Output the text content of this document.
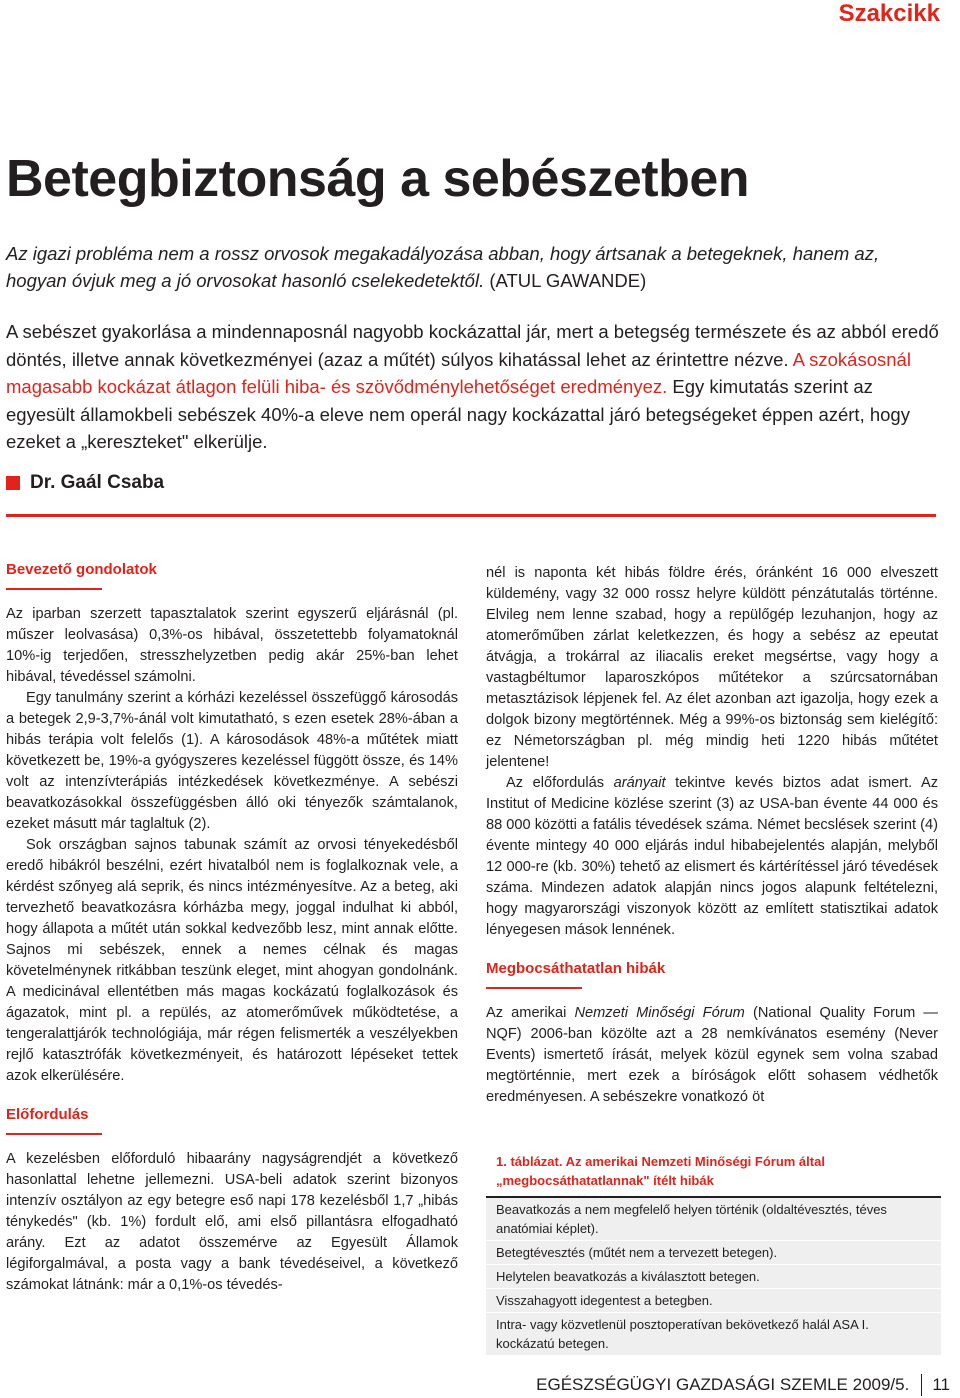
Szakcikk
Betegbiztonság a sebészetben
Az igazi probléma nem a rossz orvosok megakadályozása abban, hogy ártsanak a betegeknek, hanem az, hogyan óvjuk meg a jó orvosokat hasonló cselekedetektől. (ATUL GAWANDE)
A sebészet gyakorlása a mindennaposnál nagyobb kockázattal jár, mert a betegség természete és az abból eredő döntés, illetve annak következményei (azaz a műtét) súlyos kihatással lehet az érintettre nézve. A szokásosnál magasabb kockázat átlagon felüli hiba- és szövődménylehetőséget eredményez. Egy kimutatás szerint az egyesült államokbeli sebészek 40%-a eleve nem operál nagy kockázattal járó betegségeket éppen azért, hogy ezeket a „kereszteket" elkerülje.
Dr. Gaál Csaba
Bevezető gondolatok

Az iparban szerzett tapasztalatok szerint egyszerű eljárásnál (pl. műszer leolvasása) 0,3%-os hibával, összetettebb folyamatoknál 10%-ig terjedően, stresszhelyzetben pedig akár 25%-ban lehet hibával, tévedéssel számolni.

Egy tanulmány szerint a kórházi kezeléssel összefüggő károsodás a betegek 2,9-3,7%-ánál volt kimutatható, s ezen esetek 28%-ában a hibás terápia volt felelős (1). A károsodások 48%-a műtétek miatt következett be, 19%-a gyógyszeres kezeléssel függött össze, és 14% volt az intenzívterápiás intézkedések következménye. A sebészi beavatkozásokkal összefüggésben álló oki tényezők számtalanok, ezeket másutt már taglaltuk (2).

Sok országban sajnos tabunak számít az orvosi tényekedésből eredő hibákról beszélni, ezért hivatalból nem is foglalkoznak vele, a kérdést szőnyeg alá seprik, és nincs intézményesítve. Az a beteg, aki tervezhető beavatkozásra kórházba megy, joggal indulhat ki abból, hogy állapota a műtét után sokkal kedvezőbb lesz, mint annak előtte. Sajnos mi sebészek, ennek a nemes célnak és magas követelménynek ritkábban teszünk eleget, mint ahogyan gondolnánk. A medicinával ellentétben más magas kockázatú foglalkozások és ágazatok, mint pl. a repülés, az atomerőművek működtetése, a tengeralattjárók technológiája, már régen felismerték a veszélyekben rejlő katasztrófák következményeit, és határozott lépéseket tettek azok elkerülésére.

Előfordulás

A kezelésben előforduló hibaarány nagyságrendjét a következő hasonlattal lehetne jellemezni. USA-beli adatok szerint bizonyos intenzív osztályon az egy betegre eső napi 178 kezelésből 1,7 „hibás ténykedés" (kb. 1%) fordult elő, ami első pillantásra elfogadható arány. Ezt az adatot összemérve az Egyesült Államok légiforgalmával, a posta vagy a bank tévedéseivel, a következő számokat látnánk: már a 0,1%-os tévedés-

nél is naponta két hibás földre érés, óránként 16 000 elveszett küldemény, vagy 32 000 rossz helyre küldött pénzátutalás történne. Elvileg nem lenne szabad, hogy a repülőgép lezuhanjon, hogy az atomerőműben zárlat keletkezzen, és hogy a sebész az epeutat átvágja, a trokárral az iliacalis ereket megsértse, vagy hogy a vastagbéltumor laparoszkópos műtétekor a szúrcsatornában metasztázisok lépjenek fel. Az élet azonban azt igazolja, hogy ezek a dolgok bizony megtörténnek. Még a 99%-os biztonság sem kielégítő: ez Németországban pl. még mindig heti 1220 hibás műtétet jelentene!

Az előfordulás arányait tekintve kevés biztos adat ismert. Az Institut of Medicine közlése szerint (3) az USA-ban évente 44 000 és 88 000 közötti a fatális tévedések száma. Német becslések szerint (4) évente mintegy 40 000 eljárás indul hibabejelentés alapján, melyből 12 000-re (kb. 30%) tehető az elismert és kártérítéssel járó tévedések száma. Mindezen adatok alapján nincs jogos alapunk feltételezni, hogy magyarországi viszonyok között az említett statisztikai adatok lényegesen mások lennének.

Megbocsáthatatlan hibák

Az amerikai Nemzeti Minőségi Fórum (National Quality Forum — NQF) 2006-ban közölte azt a 28 nemkívánatos esemény (Never Events) ismertető írását, melyek közül egynek sem volna szabad megtörténnie, mert ezek a bíróságok előtt sohasem védhetők eredményesen. A sebészekre vonatkozó öt

1. táblázat. Az amerikai Nemzeti Minőségi Fórum által
„megbocsáthatatlannak" ítélt hibák
Beavatkozás a nem megfelelő helyen történik (oldaltévesztés, téves anatómiai képlet).
Betegtévesztés (műtét nem a tervezett betegen).
Helytelen beavatkozás a kiválasztott betegen.
Visszahagyott idegentest a betegben.
Intra- vagy közvetlenül posztoperatívan bekövetkező halál ASA I. kockázatú betegen.
EGÉSZSÉGÜGYI GAZDASÁGI SZEMLE 2009/5. 11
